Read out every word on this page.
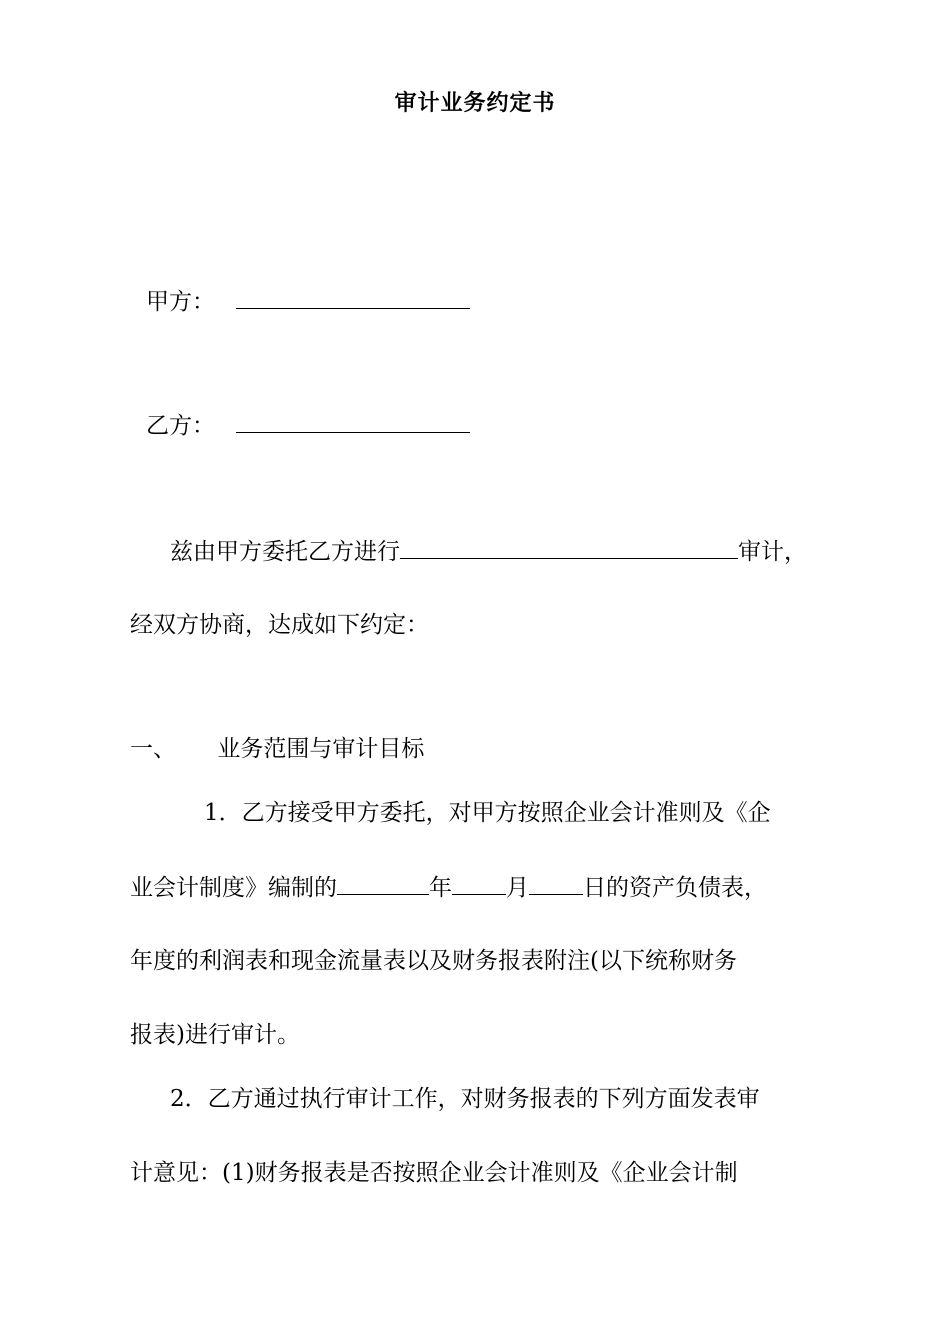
审计业务约定书
甲方：
乙方：
兹由甲方委托乙方进行	审计，
经双方协商，达成如下约定：
一、 业务范围与审计目标
1．乙方接受甲方委托，对甲方按照企业会计准则及《企
业会计制度》编制的	年 月 日的资产负债表，
年度的利润表和现金流量表以及财务报表附注(以下统称财务
报表)进行审计。
2．乙方通过执行审计工作，对财务报表的下列方面发表审
计意见：(1)财务报表是否按照企业会计准则及《企业会计制
